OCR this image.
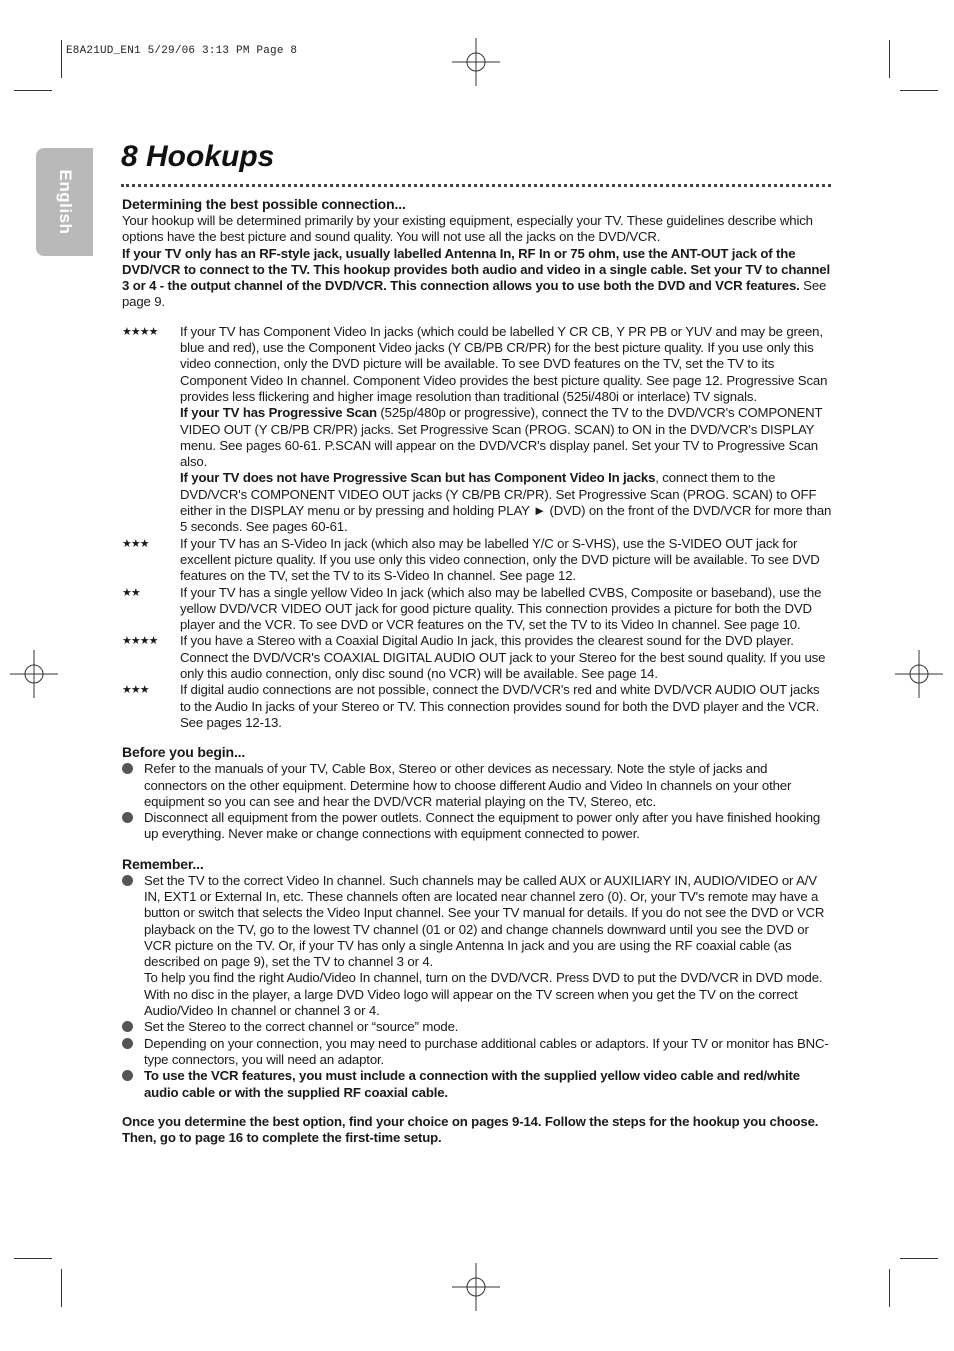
E8A21UD_EN1 5/29/06 3:13 PM Page 8
English
8 Hookups

Determining the best possible connection...

Your hookup will be determined primarily by your existing equipment, especially your TV. These guidelines describe which options have the best picture and sound quality. You will not use all the jacks on the DVD/VCR.

If your TV only has an RF-style jack, usually labelled Antenna In, RF In or 75 ohm, use the ANT-OUT jack of the DVD/VCR to connect to the TV. This hookup provides both audio and video in a single cable. Set your TV to channel 3 or 4 - the output channel of the DVD/VCR. This connection allows you to use both the DVD and VCR features. See page 9.

★★★★ If your TV has Component Video In jacks (which could be labelled Y CR CB, Y PR PB or YUV and may be green, blue and red), use the Component Video jacks (Y CB/PB CR/PR) for the best picture quality. If you use only this video connection, only the DVD picture will be available. To see DVD features on the TV, set the TV to its Component Video In channel. Component Video provides the best picture quality. See page 12. Progressive Scan provides less flickering and higher image resolution than traditional (525i/480i or interlace) TV signals.

If your TV has Progressive Scan (525p/480p or progressive), connect the TV to the DVD/VCR's COMPONENT VIDEO OUT (Y CB/PB CR/PR) jacks. Set Progressive Scan (PROG. SCAN) to ON in the DVD/VCR's DISPLAY menu. See pages 60-61. P.SCAN will appear on the DVD/VCR's display panel. Set your TV to Progressive Scan also.

If your TV does not have Progressive Scan but has Component Video In jacks, connect them to the DVD/VCR's COMPONENT VIDEO OUT jacks (Y CB/PB CR/PR). Set Progressive Scan (PROG. SCAN) to OFF either in the DISPLAY menu or by pressing and holding PLAY ► (DVD) on the front of the DVD/VCR for more than 5 seconds. See pages 60-61.

★★★ If your TV has an S-Video In jack (which also may be labelled Y/C or S-VHS), use the S-VIDEO OUT jack for excellent picture quality. If you use only this video connection, only the DVD picture will be available. To see DVD features on the TV, set the TV to its S-Video In channel. See page 12.

★★	If your TV has a single yellow Video In jack (which also may be labelled CVBS, Composite or baseband), use the yellow DVD/VCR VIDEO OUT jack for good picture quality. This connection provides a picture for both the DVD player and the VCR. To see DVD or VCR features on the TV, set the TV to its Video In channel. See page 10.

★★★★ If you have a Stereo with a Coaxial Digital Audio In jack, this provides the clearest sound for the DVD player. Connect the DVD/VCR's COAXIAL DIGITAL AUDIO OUT jack to your Stereo for the best sound quality. If you use only this audio connection, only disc sound (no VCR) will be available. See page 14.

★★★ If digital audio connections are not possible, connect the DVD/VCR's red and white DVD/VCR AUDIO OUT jacks to the Audio In jacks of your Stereo or TV. This connection provides sound for both the DVD player and the VCR. See pages 12-13.

Before you begin...

Refer to the manuals of your TV, Cable Box, Stereo or other devices as necessary. Note the style of jacks and connectors on the other equipment. Determine how to choose different Audio and Video In channels on your other equipment so you can see and hear the DVD/VCR material playing on the TV, Stereo, etc.
Disconnect all equipment from the power outlets. Connect the equipment to power only after you have finished hooking up everything. Never make or change connections with equipment connected to power.

Remember...

Set the TV to the correct Video In channel. Such channels may be called AUX or AUXILIARY IN, AUDIO/VIDEO or A/V IN, EXT1 or External In, etc. These channels often are located near channel zero (0). Or, your TV's remote may have a button or switch that selects the Video Input channel. See your TV manual for details. If you do not see the DVD or VCR playback on the TV, go to the lowest TV channel (01 or 02) and change channels downward until you see the DVD or VCR picture on the TV. Or, if your TV has only a single Antenna In jack and you are using the RF coaxial cable (as described on page 9), set the TV to channel 3 or 4.
To help you find the right Audio/Video In channel, turn on the DVD/VCR. Press DVD to put the DVD/VCR in DVD mode. With no disc in the player, a large DVD Video logo will appear on the TV screen when you get the TV on the correct Audio/Video In channel or channel 3 or 4.
Set the Stereo to the correct channel or “source” mode.
Depending on your connection, you may need to purchase additional cables or adaptors. If your TV or monitor has BNC-type connectors, you will need an adaptor.
To use the VCR features, you must include a connection with the supplied yellow video cable and red/white audio cable or with the supplied RF coaxial cable.

Once you determine the best option, find your choice on pages 9-14. Follow the steps for the hookup you choose. Then, go to page 16 to complete the first-time setup.
